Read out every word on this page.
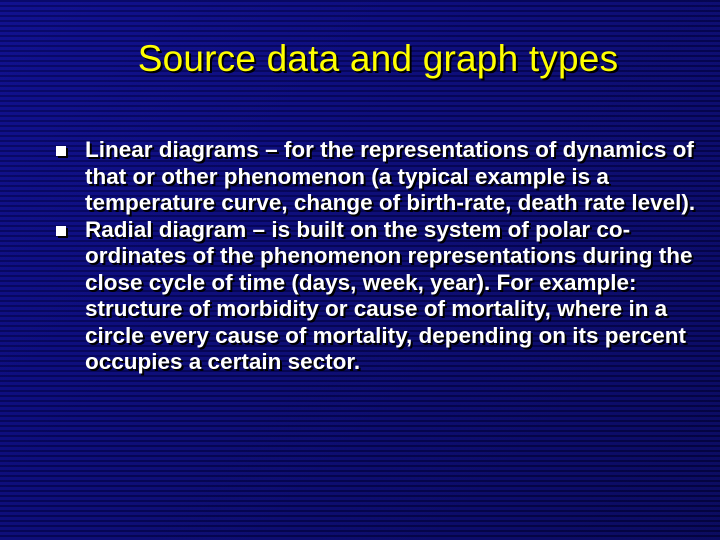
Source data and graph types
Linear diagrams – for the representations of dynamics of that or other phenomenon (a typical example is a temperature curve, change of birth-rate, death rate level).
Radial diagram – is built on the system of polar co-ordinates of the phenomenon representations during the close cycle of time (days, week, year). For example: structure of morbidity or cause of mortality, where in a circle every cause of mortality, depending on its percent occupies a certain sector.
